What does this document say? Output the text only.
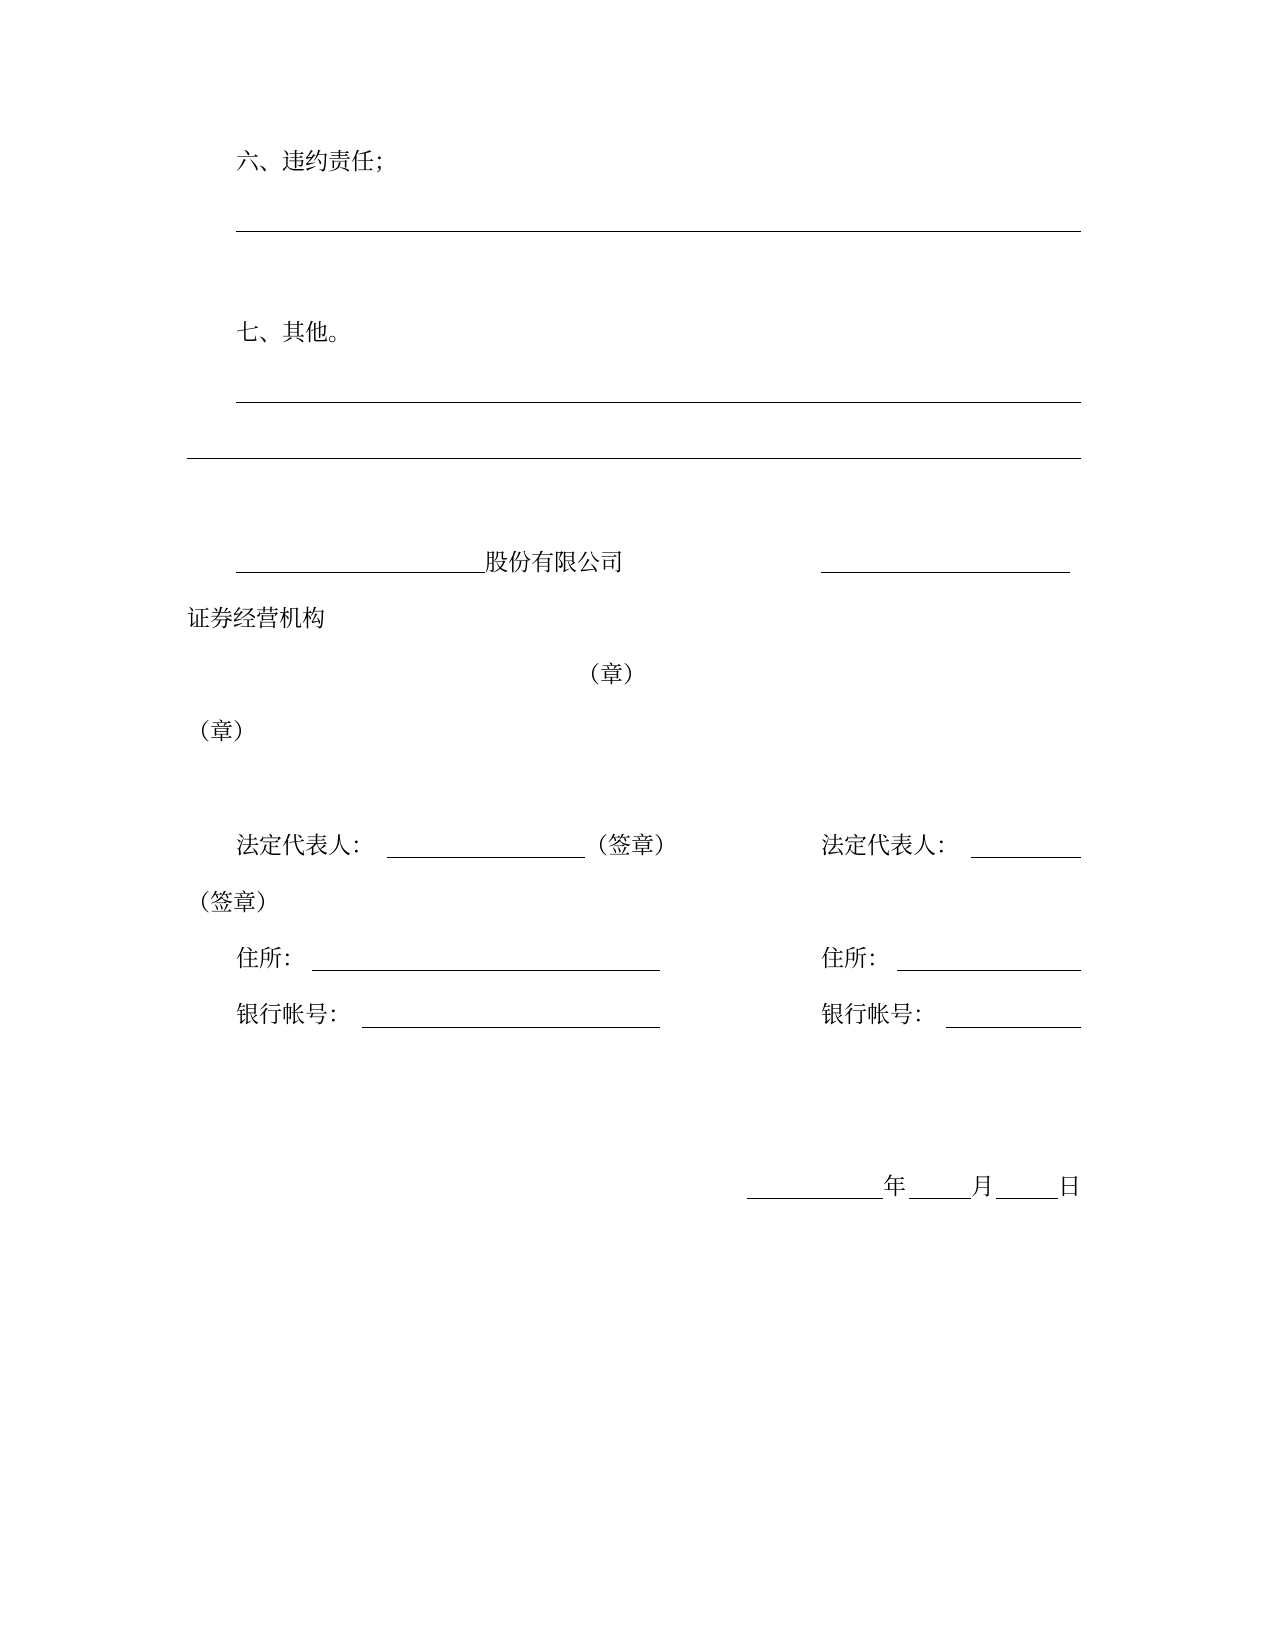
六、违约责任；
七、其他。
股份有限公司
证券经营机构
（章）
（章）
法定代表人：	（签章）	法定代表人：
（签章）
住所：	住所：
银行帐号：	银行帐号：
年	月	日
